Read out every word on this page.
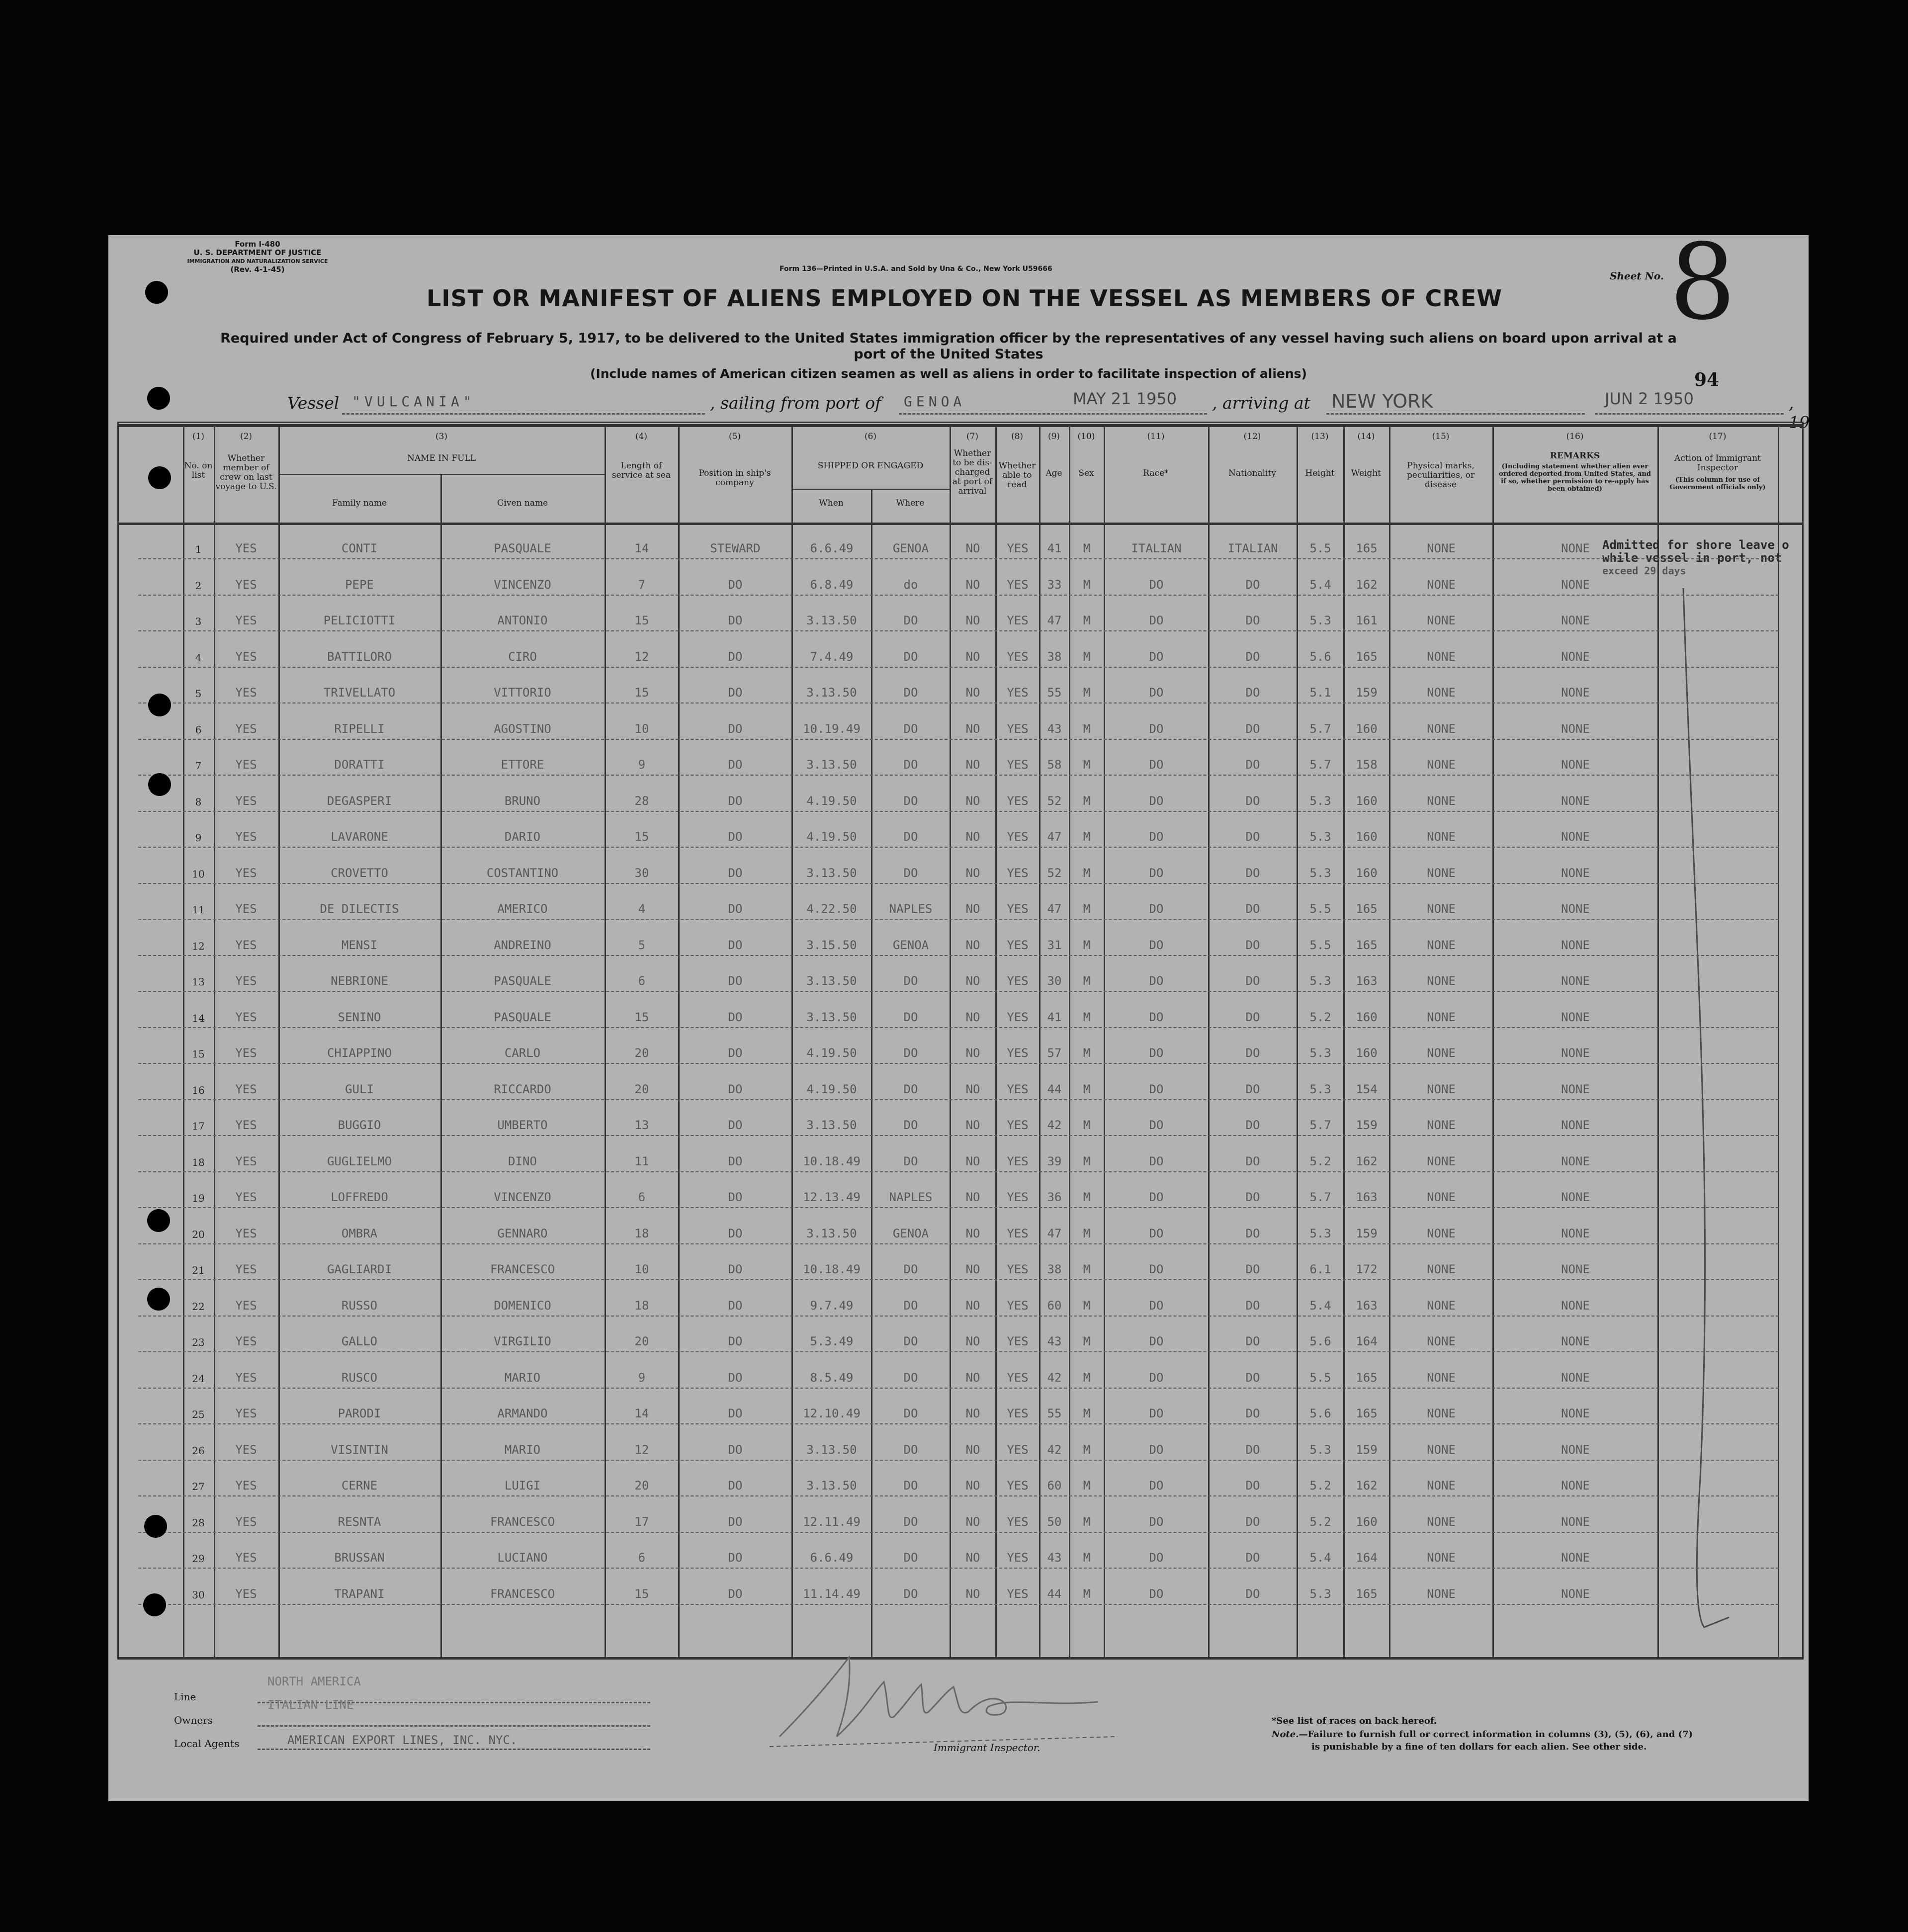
Form I-480
U. S. DEPARTMENT OF JUSTICE
IMMIGRATION AND NATURALIZATION SERVICE
(Rev. 4-1-45)	Form 136—Printed in U.S.A. and Sold by Una & Co., New York U59666
Sheet No. 8
94
LIST OR MANIFEST OF ALIENS EMPLOYED ON THE VESSEL AS MEMBERS OF CREW
Required under Act of Congress of February 5, 1917, to be delivered to the United States immigration officer by the representatives of any vessel having such aliens on board upon arrival at a
port of the United States
(Include names of American citizen seamen as well as aliens in order to facilitate inspection of aliens)
Vessel "VULCANIA"	, sailing from port of GENOA	MAY 21 1950 , arriving at NEW YORK	JUN 2 1950	, 19
(1)	(2)	(3)	(4)	(5)	(6)	(7)	(8)	(9)	(10)	(11)	(12)	(13)	(14)	(15)	(16)	(17)
No. on list
Whether member of crew on last voyage to U.S.
NAME IN FULL
Family name	Given name
Length of service at sea	Position in ship's company
SHIPPED OR ENGAGED
When	Where
Whether to be dis-charged at port of arrival
Whether able to read
Age	Sex	Race*	Nationality	Height	Weight
Physical marks, peculiarities, or disease
REMARKS
(Including statement whether alien ever ordered deported from United States, and if so, whether permission to re-apply has been obtained)
Action of Immigrant Inspector
(This column for use of Government officials only)
Admitted for shore leave o
while vessel in port, not
exceed 29 days
1	YES	CONTI	PASQUALE	14	STEWARD	6.6.49	GENOA	NO	YES	41	M	ITALIAN	ITALIAN	5.5	165	NONE	NONE
2	YES	PEPE	VINCENZO	7	DO	6.8.49	do	NO	YES	33	M	DO	DO	5.4	162	NONE	NONE
3	YES	PELICIOTTI	ANTONIO	15	DO	3.13.50	DO	NO	YES	47	M	DO	DO	5.3	161	NONE	NONE
4	YES	BATTILORO	CIRO	12	DO	7.4.49	DO	NO	YES	38	M	DO	DO	5.6	165	NONE	NONE
5	YES	TRIVELLATO	VITTORIO	15	DO	3.13.50	DO	NO	YES	55	M	DO	DO	5.1	159	NONE	NONE
6	YES	RIPELLI	AGOSTINO	10	DO	10.19.49	DO	NO	YES	43	M	DO	DO	5.7	160	NONE	NONE
7	YES	DORATTI	ETTORE	9	DO	3.13.50	DO	NO	YES	58	M	DO	DO	5.7	158	NONE	NONE
8	YES	DEGASPERI	BRUNO	28	DO	4.19.50	DO	NO	YES	52	M	DO	DO	5.3	160	NONE	NONE
9	YES	LAVARONE	DARIO	15	DO	4.19.50	DO	NO	YES	47	M	DO	DO	5.3	160	NONE	NONE
10	YES	CROVETTO	COSTANTINO	30	DO	3.13.50	DO	NO	YES	52	M	DO	DO	5.3	160	NONE	NONE
11	YES	DE DILECTIS	AMERICO	4	DO	4.22.50	NAPLES	NO	YES	47	M	DO	DO	5.5	165	NONE	NONE
12	YES	MENSI	ANDREINO	5	DO	3.15.50	GENOA	NO	YES	31	M	DO	DO	5.5	165	NONE	NONE
13	YES	NEBRIONE	PASQUALE	6	DO	3.13.50	DO	NO	YES	30	M	DO	DO	5.3	163	NONE	NONE
14	YES	SENINO	PASQUALE	15	DO	3.13.50	DO	NO	YES	41	M	DO	DO	5.2	160	NONE	NONE
15	YES	CHIAPPINO	CARLO	20	DO	4.19.50	DO	NO	YES	57	M	DO	DO	5.3	160	NONE	NONE
16	YES	GULI	RICCARDO	20	DO	4.19.50	DO	NO	YES	44	M	DO	DO	5.3	154	NONE	NONE
17	YES	BUGGIO	UMBERTO	13	DO	3.13.50	DO	NO	YES	42	M	DO	DO	5.7	159	NONE	NONE
18	YES	GUGLIELMO	DINO	11	DO	10.18.49	DO	NO	YES	39	M	DO	DO	5.2	162	NONE	NONE
19	YES	LOFFREDO	VINCENZO	6	DO	12.13.49	NAPLES	NO	YES	36	M	DO	DO	5.7	163	NONE	NONE
20	YES	OMBRA	GENNARO	18	DO	3.13.50	GENOA	NO	YES	47	M	DO	DO	5.3	159	NONE	NONE
21	YES	GAGLIARDI	FRANCESCO	10	DO	10.18.49	DO	NO	YES	38	M	DO	DO	6.1	172	NONE	NONE
22	YES	RUSSO	DOMENICO	18	DO	9.7.49	DO	NO	YES	60	M	DO	DO	5.4	163	NONE	NONE
23	YES	GALLO	VIRGILIO	20	DO	5.3.49	DO	NO	YES	43	M	DO	DO	5.6	164	NONE	NONE
24	YES	RUSCO	MARIO	9	DO	8.5.49	DO	NO	YES	42	M	DO	DO	5.5	165	NONE	NONE
25	YES	PARODI	ARMANDO	14	DO	12.10.49	DO	NO	YES	55	M	DO	DO	5.6	165	NONE	NONE
26	YES	VISINTIN	MARIO	12	DO	3.13.50	DO	NO	YES	42	M	DO	DO	5.3	159	NONE	NONE
27	YES	CERNE	LUIGI	20	DO	3.13.50	DO	NO	YES	60	M	DO	DO	5.2	162	NONE	NONE
28	YES	RESNTA	FRANCESCO	17	DO	12.11.49	DO	NO	YES	50	M	DO	DO	5.2	160	NONE	NONE
29	YES	BRUSSAN	LUCIANO	6	DO	6.6.49	DO	NO	YES	43	M	DO	DO	5.4	164	NONE	NONE
30	YES	TRAPANI	FRANCESCO	15	DO	11.14.49	DO	NO	YES	44	M	DO	DO	5.3	165	NONE	NONE
Line
NORTH AMERICA
Owners
ITALIAN LINE
Local Agents	AMERICAN EXPORT LINES, INC. NYC.
Immigrant Inspector.
*See list of races on back hereof.
Note.—Failure to furnish full or correct information in columns (3), (5), (6), and (7)
is punishable by a fine of ten dollars for each alien. See other side.
